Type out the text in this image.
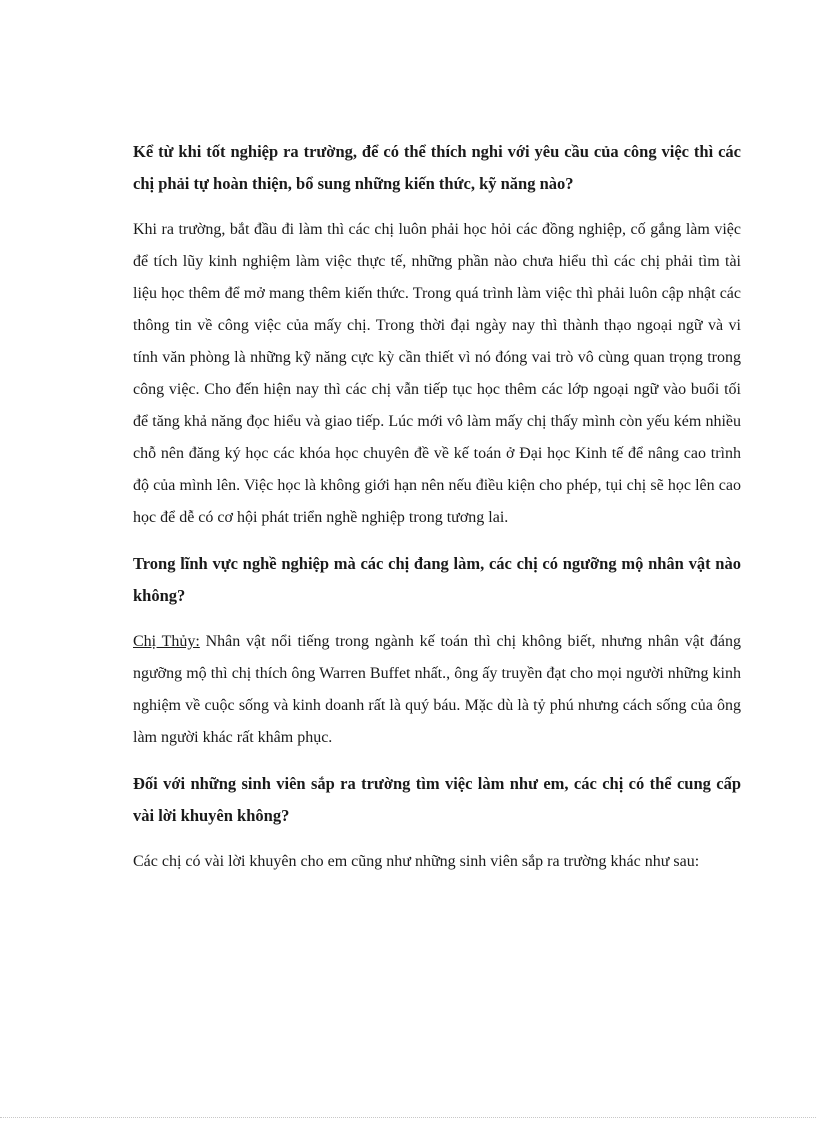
Kể từ khi tốt nghiệp ra trường, để có thể thích nghi với yêu cầu của công việc thì các chị phải tự hoàn thiện, bổ sung những kiến thức, kỹ năng nào?

Khi ra trường, bắt đầu đi làm thì các chị luôn phải học hỏi các đồng nghiệp, cố gắng làm việc để tích lũy kinh nghiệm làm việc thực tế, những phần nào chưa hiểu thì các chị phải tìm tài liệu học thêm để mở mang thêm kiến thức. Trong quá trình làm việc thì phải luôn cập nhật các thông tin về công việc của mấy chị. Trong thời đại ngày nay thì thành thạo ngoại ngữ và vi tính văn phòng là những kỹ năng cực kỳ cần thiết vì nó đóng vai trò vô cùng quan trọng trong công việc. Cho đến hiện nay thì các chị vẫn tiếp tục học thêm các lớp ngoại ngữ vào buổi tối để tăng khả năng đọc hiểu và giao tiếp. Lúc mới vô làm mấy chị thấy mình còn yếu kém nhiều chỗ nên đăng ký học các khóa học chuyên đề về kế toán ở Đại học Kinh tế để nâng cao trình độ của mình lên. Việc học là không giới hạn nên nếu điều kiện cho phép, tụi chị sẽ học lên cao học để dễ có cơ hội phát triển nghề nghiệp trong tương lai.

Trong lĩnh vực nghề nghiệp mà các chị đang làm, các chị có ngưỡng mộ nhân vật nào không?

Chị Thủy: Nhân vật nổi tiếng trong ngành kế toán thì chị không biết, nhưng nhân vật đáng ngưỡng mộ thì chị thích ông Warren Buffet nhất., ông ấy truyền đạt cho mọi người những kinh nghiệm về cuộc sống và kinh doanh rất là quý báu. Mặc dù là tỷ phú nhưng cách sống của ông làm người khác rất khâm phục.

Đối với những sinh viên sắp ra trường tìm việc làm như em, các chị có thể cung cấp vài lời khuyên không?

Các chị có vài lời khuyên cho em cũng như những sinh viên sắp ra trường khác như sau:
